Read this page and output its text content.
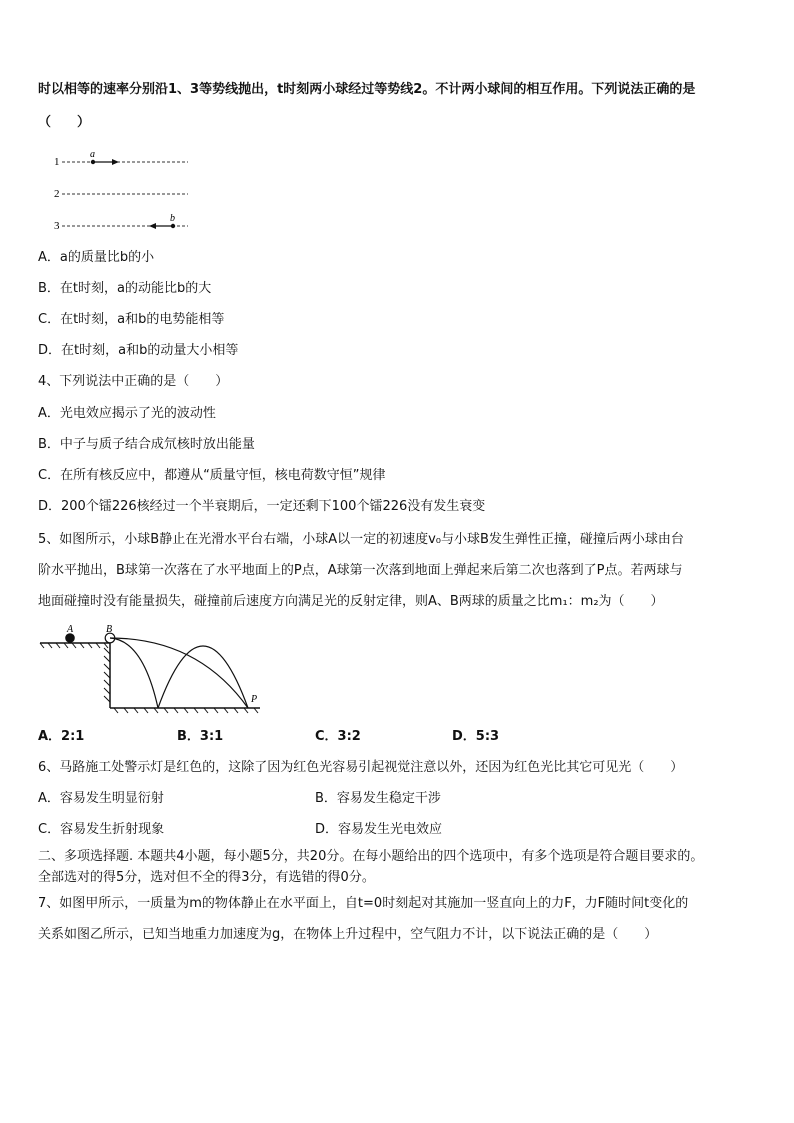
时以相等的速率分别沿1、3等势线抛出，t时刻两小球经过等势线2。不计两小球间的相互作用。下列说法正确的是
（　　）
1
2
3
a
b
A．a的质量比b的小
B．在t时刻，a的动能比b的大
C．在t时刻，a和b的电势能相等
D．在t时刻，a和b的动量大小相等
4、下列说法中正确的是（　　）
A．光电效应揭示了光的波动性
B．中子与质子结合成氘核时放出能量
C．在所有核反应中，都遵从“质量守恒，核电荷数守恒”规律
D．200个镭226核经过一个半衰期后，一定还剩下100个镭226没有发生衰变
5、如图所示，小球B静止在光滑水平台右端，小球A以一定的初速度v₀与小球B发生弹性正撞，碰撞后两小球由台
阶水平抛出，B球第一次落在了水平地面上的P点，A球第一次落到地面上弹起来后第二次也落到了P点。若两球与
地面碰撞时没有能量损失，碰撞前后速度方向满足光的反射定律，则A、B两球的质量之比m₁：m₂为（　　）
A	B
P
A．2:1	B．3:1	C．3:2	D．5:3
6、马路施工处警示灯是红色的，这除了因为红色光容易引起视觉注意以外，还因为红色光比其它可见光（　　）
A．容易发生明显衍射	B．容易发生稳定干涉
C．容易发生折射现象	D．容易发生光电效应
二、多项选择题. 本题共4小题，每小题5分，共20分。在每小题给出的四个选项中，有多个选项是符合题目要求的。
全部选对的得5分，选对但不全的得3分，有选错的得0分。
7、如图甲所示，一质量为m的物体静止在水平面上，自t=0时刻起对其施加一竖直向上的力F，力F随时间t变化的
关系如图乙所示，已知当地重力加速度为g，在物体上升过程中，空气阻力不计，以下说法正确的是（　　）
